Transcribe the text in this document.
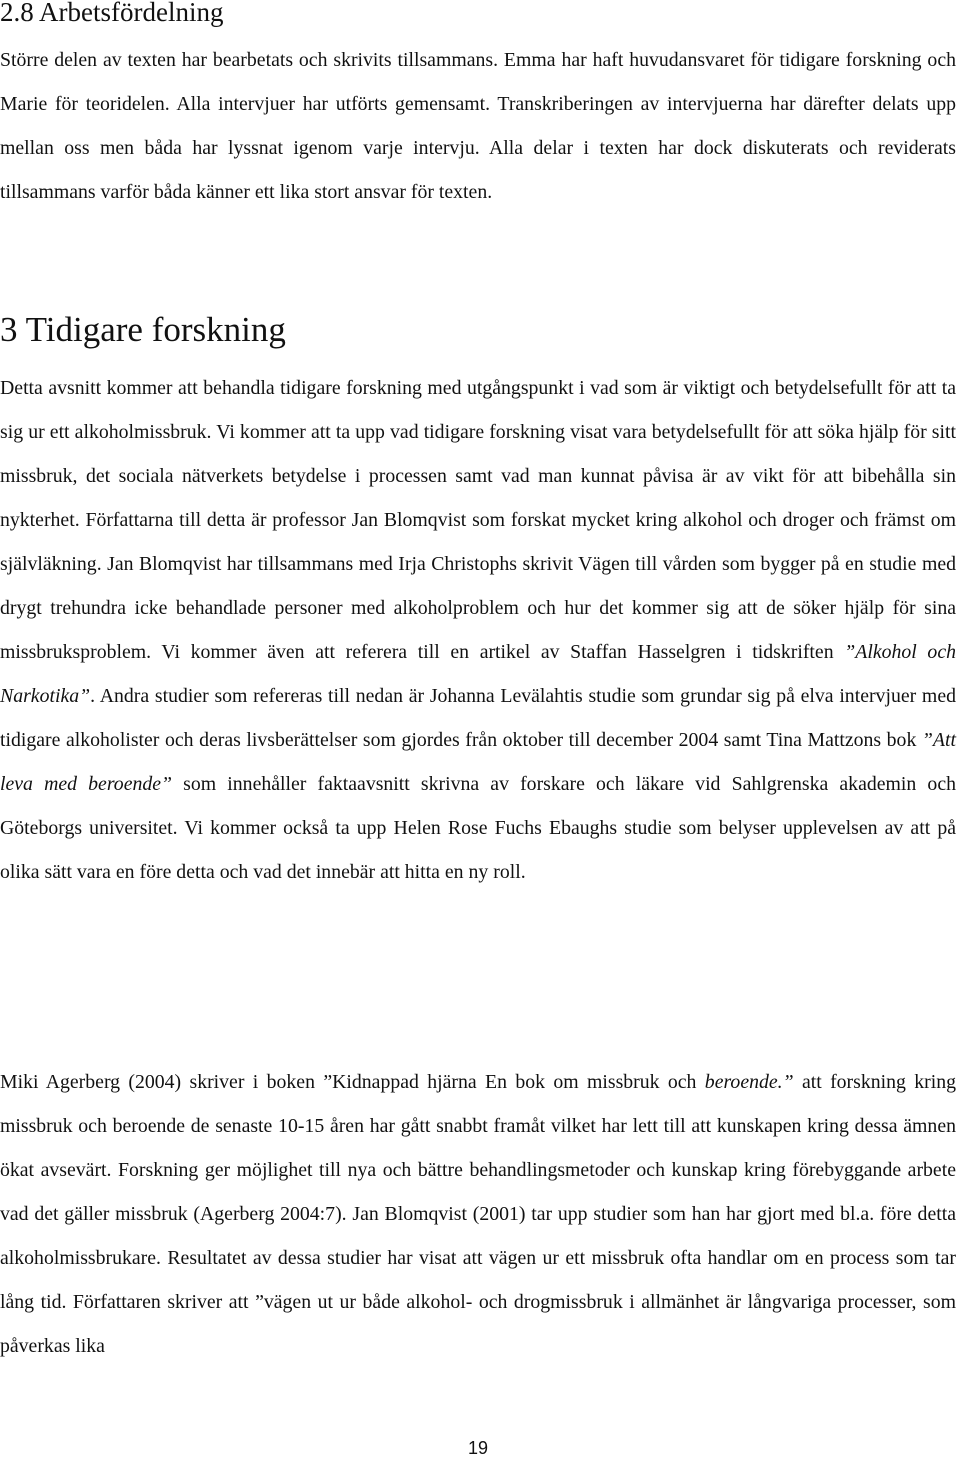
2.8 Arbetsfördelning

Större delen av texten har bearbetats och skrivits tillsammans. Emma har haft huvudansvaret för tidigare forskning och Marie för teoridelen. Alla intervjuer har utförts gemensamt. Transkriberingen av intervjuerna har därefter delats upp mellan oss men båda har lyssnat igenom varje intervju. Alla delar i texten har dock diskuterats och reviderats tillsammans varför båda känner ett lika stort ansvar för texten.

3 Tidigare forskning

Detta avsnitt kommer att behandla tidigare forskning med utgångspunkt i vad som är viktigt och betydelsefullt för att ta sig ur ett alkoholmissbruk. Vi kommer att ta upp vad tidigare forskning visat vara betydelsefullt för att söka hjälp för sitt missbruk, det sociala nätverkets betydelse i processen samt vad man kunnat påvisa är av vikt för att bibehålla sin nykterhet. Författarna till detta är professor Jan Blomqvist som forskat mycket kring alkohol och droger och främst om självläkning. Jan Blomqvist har tillsammans med Irja Christophs skrivit Vägen till vården som bygger på en studie med drygt trehundra icke behandlade personer med alkoholproblem och hur det kommer sig att de söker hjälp för sina missbruksproblem. Vi kommer även att referera till en artikel av Staffan Hasselgren i tidskriften ”Alkohol och Narkotika”. Andra studier som refereras till nedan är Johanna Levälahtis studie som grundar sig på elva intervjuer med tidigare alkoholister och deras livsberättelser som gjordes från oktober till december 2004 samt Tina Mattzons bok ”Att leva med beroende” som innehåller faktaavsnitt skrivna av forskare och läkare vid Sahlgrenska akademin och Göteborgs universitet. Vi kommer också ta upp Helen Rose Fuchs Ebaughs studie som belyser upplevelsen av att på olika sätt vara en före detta och vad det innebär att hitta en ny roll.

Miki Agerberg (2004) skriver i boken ”Kidnappad hjärna En bok om missbruk och beroende.” att forskning kring missbruk och beroende de senaste 10-15 åren har gått snabbt framåt vilket har lett till att kunskapen kring dessa ämnen ökat avsevärt. Forskning ger möjlighet till nya och bättre behandlingsmetoder och kunskap kring förebyggande arbete vad det gäller missbruk (Agerberg 2004:7). Jan Blomqvist (2001) tar upp studier som han har gjort med bl.a. före detta alkoholmissbrukare. Resultatet av dessa studier har visat att vägen ur ett missbruk ofta handlar om en process som tar lång tid. Författaren skriver att ”vägen ut ur både alkohol- och drogmissbruk i allmänhet är långvariga processer, som påverkas lika

19
